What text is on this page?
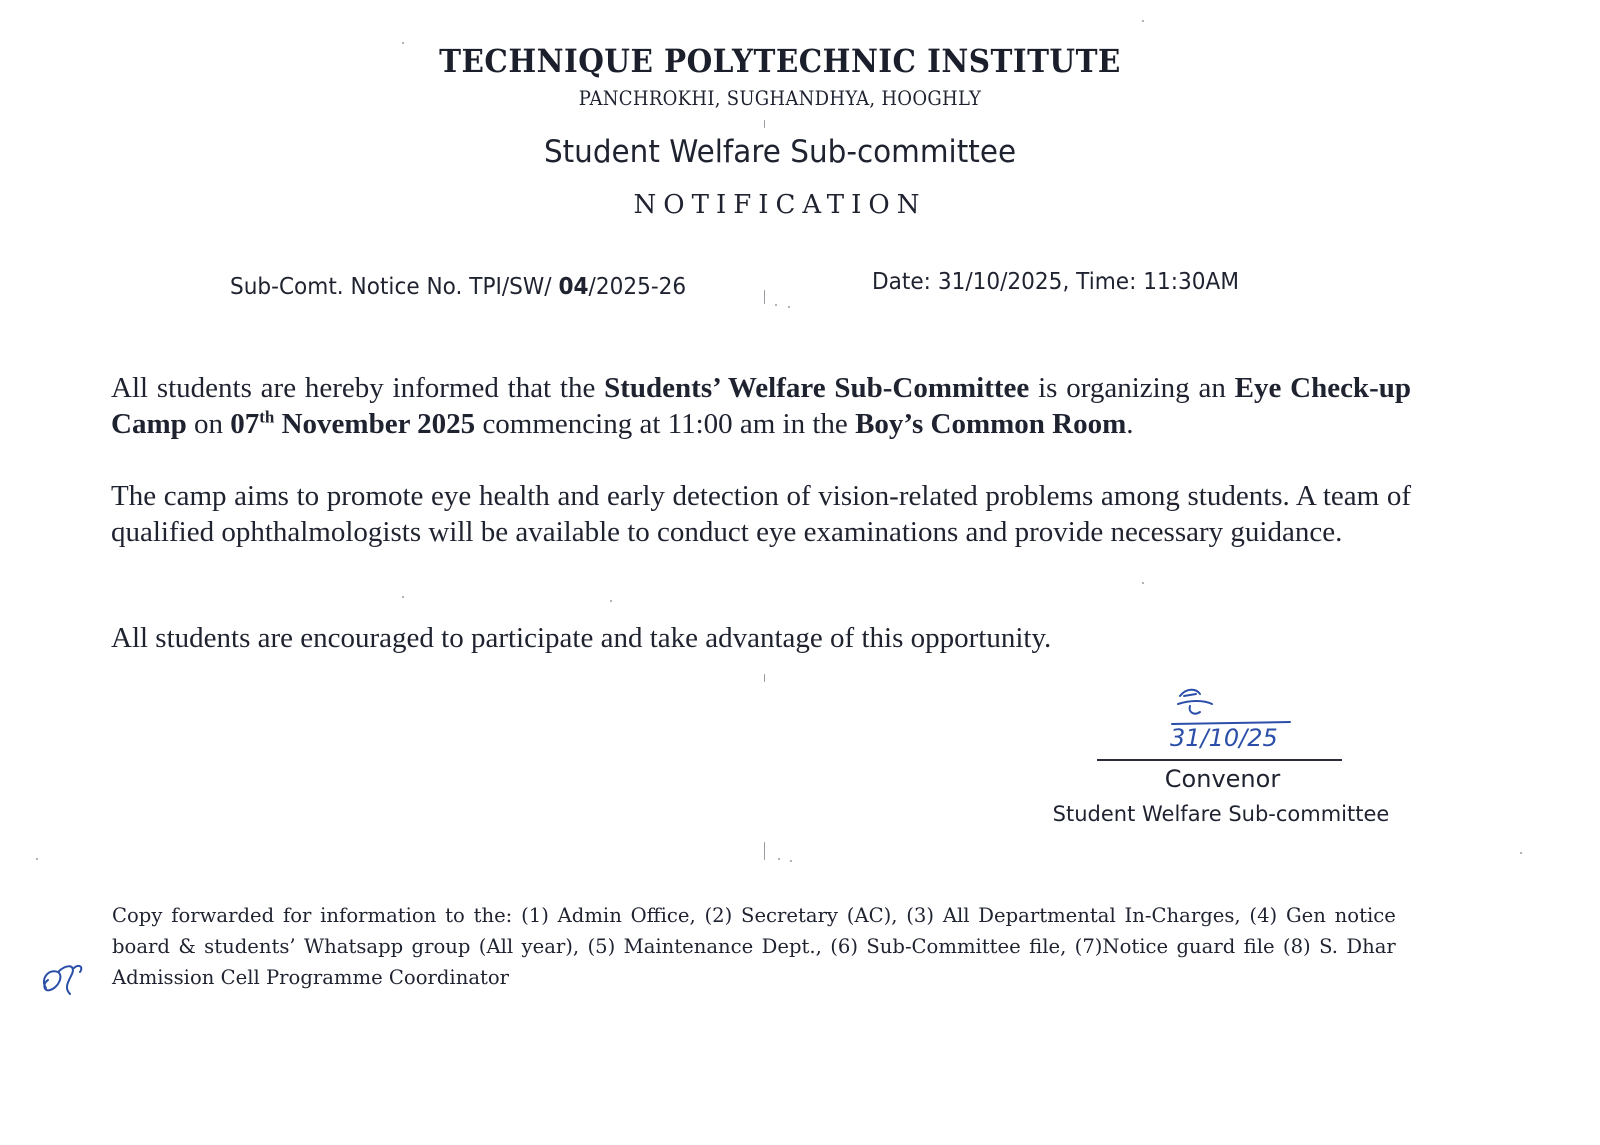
TECHNIQUE POLYTECHNIC INSTITUTE
PANCHROKHI, SUGHANDHYA, HOOGHLY
Student Welfare Sub-committee
NOTIFICATION
Sub-Comt. Notice No. TPI/SW/ 04/2025-26	Date: 31/10/2025, Time: 11:30AM
All students are hereby informed that the Students’ Welfare Sub-Committee is organizing an Eye Check-up Camp on 07th November 2025 commencing at 11:00 am in the Boy’s Common Room.
The camp aims to promote eye health and early detection of vision-related problems among students. A team of qualified ophthalmologists will be available to conduct eye examinations and provide necessary guidance.
All students are encouraged to participate and take advantage of this opportunity.
31/10/25
Convenor
Student Welfare Sub-committee
Copy forwarded for information to the: (1) Admin Office, (2) Secretary (AC), (3) All Departmental In-Charges, (4) Gen notice board & students’ Whatsapp group (All year), (5) Maintenance Dept., (6) Sub-Committee file, (7)Notice guard file (8) S. Dhar Admission Cell Programme Coordinator
